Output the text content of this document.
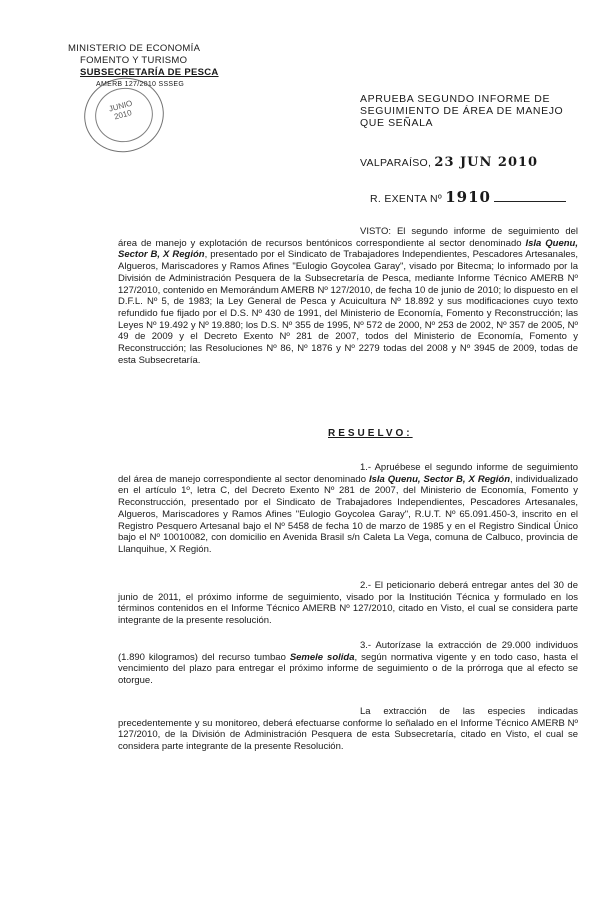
MINISTERIO DE ECONOMÍA
FOMENTO Y TURISMO
SUBSECRETARÍA DE PESCA
AMERB 127/2010 SSSEG
JUNIO 2010
APRUEBA SEGUNDO INFORME DE SEGUIMIENTO DE ÁREA DE MANEJO QUE SEÑALA
VALPARAÍSO, 23 JUN 2010
R. EXENTA Nº 1910

VISTO: El segundo informe de seguimiento del área de manejo y explotación de recursos bentónicos correspondiente al sector denominado Isla Quenu, Sector B, X Región, presentado por el Sindicato de Trabajadores Independientes, Pescadores Artesanales, Algueros, Mariscadores y Ramos Afines "Eulogio Goycolea Garay", visado por Bitecma; lo informado por la División de Administración Pesquera de la Subsecretaría de Pesca, mediante Informe Técnico AMERB Nº 127/2010, contenido en Memorándum AMERB Nº 127/2010, de fecha 10 de junio de 2010; lo dispuesto en el D.F.L. Nº 5, de 1983; la Ley General de Pesca y Acuicultura Nº 18.892 y sus modificaciones cuyo texto refundido fue fijado por el D.S. Nº 430 de 1991, del Ministerio de Economía, Fomento y Reconstrucción; las Leyes Nº 19.492 y Nº 19.880; los D.S. Nº 355 de 1995, Nº 572 de 2000, Nº 253 de 2002, Nº 357 de 2005, Nº 49 de 2009 y el Decreto Exento Nº 281 de 2007, todos del Ministerio de Economía, Fomento y Reconstrucción; las Resoluciones Nº 86, Nº 1876 y Nº 2279 todas del 2008 y Nº 3945 de 2009, todas de esta Subsecretaría.

RESUELVO:

1.- Apruébese el segundo informe de seguimiento del área de manejo correspondiente al sector denominado Isla Quenu, Sector B, X Región, individualizado en el artículo 1º, letra C, del Decreto Exento Nº 281 de 2007, del Ministerio de Economía, Fomento y Reconstrucción, presentado por el Sindicato de Trabajadores Independientes, Pescadores Artesanales, Algueros, Mariscadores y Ramos Afines "Eulogio Goycolea Garay", R.U.T. Nº 65.091.450-3, inscrito en el Registro Pesquero Artesanal bajo el Nº 5458 de fecha 10 de marzo de 1985 y en el Registro Sindical Único bajo el Nº 10010082, con domicilio en Avenida Brasil s/n Caleta La Vega, comuna de Calbuco, provincia de Llanquihue, X Región.

2.- El peticionario deberá entregar antes del 30 de junio de 2011, el próximo informe de seguimiento, visado por la Institución Técnica y formulado en los términos contenidos en el Informe Técnico AMERB Nº 127/2010, citado en Visto, el cual se considera parte integrante de la presente resolución.

3.- Autorízase la extracción de 29.000 individuos (1.890 kilogramos) del recurso tumbao Semele solida, según normativa vigente y en todo caso, hasta el vencimiento del plazo para entregar el próximo informe de seguimiento o de la prórroga que al efecto se otorgue.

La extracción de las especies indicadas precedentemente y su monitoreo, deberá efectuarse conforme lo señalado en el Informe Técnico AMERB Nº 127/2010, de la División de Administración Pesquera de esta Subsecretaría, citado en Visto, el cual se considera parte integrante de la presente Resolución.
